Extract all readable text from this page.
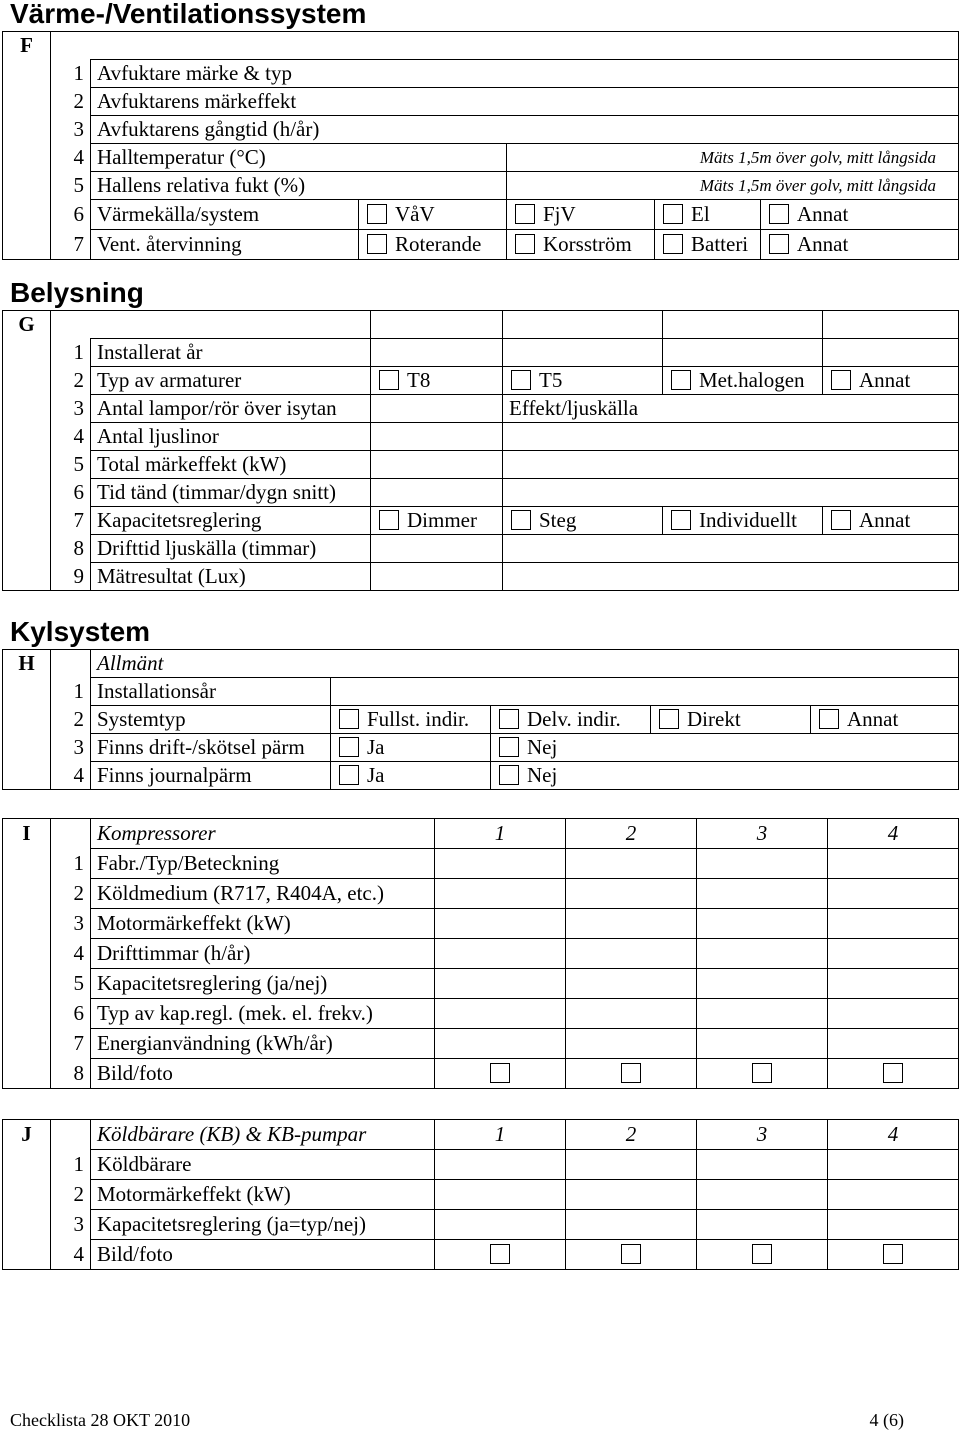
Värme-/Ventilationssystem
F						
	1	Avfuktare märke & typ				
	2	Avfuktarens märkeffekt				
	3	Avfuktarens gångtid (h/år)				
	4	Halltemperatur (°C)		Mäts 1,5m över golv, mitt långsida		
	5	Hallens relativa fukt (%)		Mäts 1,5m över golv, mitt långsida		
	6	Värmekälla/system	VåV	FjV	El	Annat
	7	Vent. återvinning	Roterande	Korsström	Batteri	Annat
Belysning
G						
	1	Installerat år				
	2	Typ av armaturer	T8	T5	Met.halogen	Annat
	3	Antal lampor/rör över isytan		Effekt/ljuskälla		
	4	Antal ljuslinor				
	5	Total märkeffekt (kW)				
	6	Tid tänd (timmar/dygn snitt)				
	7	Kapacitetsreglering	Dimmer	Steg	Individuellt	Annat
	8	Drifttid ljuskälla (timmar)				
	9	Mätresultat (Lux)				
Kylsystem
H		Allmänt				
	1	Installationsår				
	2	Systemtyp	Fullst. indir.	Delv. indir.	Direkt	Annat
	3	Finns drift-/skötsel pärm	Ja	Nej		
	4	Finns journalpärm	Ja	Nej		
I		Kompressorer	1	2	3	4
	1	Fabr./Typ/Beteckning				
	2	Köldmedium (R717, R404A, etc.)				
	3	Motormärkeffekt (kW)				
	4	Drifttimmar (h/år)				
	5	Kapacitetsreglering (ja/nej)				
	6	Typ av kap.regl. (mek. el. frekv.)				
	7	Energianvändning (kWh/år)				
	8	Bild/foto				
J		Köldbärare (KB) & KB-pumpar	1	2	3	4
	1	Köldbärare				
	2	Motormärkeffekt (kW)				
	3	Kapacitetsreglering (ja=typ/nej)				
	4	Bild/foto				
Checklista 28 OKT 2010	4 (6)
